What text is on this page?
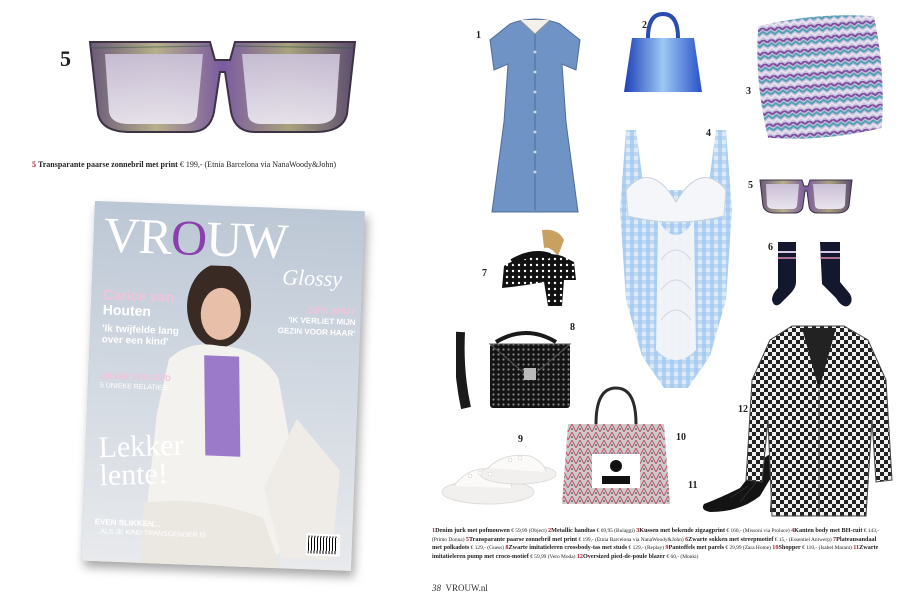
5
5 Transparante paarse zonnebril met print € 199,- (Etnia Barcelona via NanaWoody&John)
VROUW
Glossy
Carice van
Houten
'Ik twijfelde lang over een kind'
LIEVER VERLIEFD
5 UNIEKE RELATIES
ZO'N SPIJT
'IK VERLIET MIJN GEZIN VOOR HAAR'
Lekker
lente!
EVEN SLIKKEN...
...ALS JE KIND TRANSGENDER IS
1
2
3
4
5
6
7
8
9	10
11
12
1Denim jurk met pofmouwen € 59,99 (Object) 2Metallic handtas € 69,95 (Bulaggi) 3Kussen met bekende zigzagprint € 160,- (Missoni via Proluce) 4Kanten body met BH-cuit € 143,- (Primo Donna) 5Transparante paarse zonnebril met print € 199,- (Etnia Barcelona via NanaWoody&John) 6Zwarte sokken met streepmotief € 15,- (Essentiel Antwerp) 7Plateausandaal met polkadots € 129,- (Guess) 8Zwarte imitatieleren crossbody-tas met studs € 129,- (Replay) 9Pantoffels met parels € 29,99 (Zara Home) 10Shopper € 110,- (Isabel Marant) 11Zwarte imitatieleren pump met croco-motief € 59,99 (Vero Moda) 12Oversized pied-de-poule blazer € 60,- (Monki)
38 VROUW.nl
